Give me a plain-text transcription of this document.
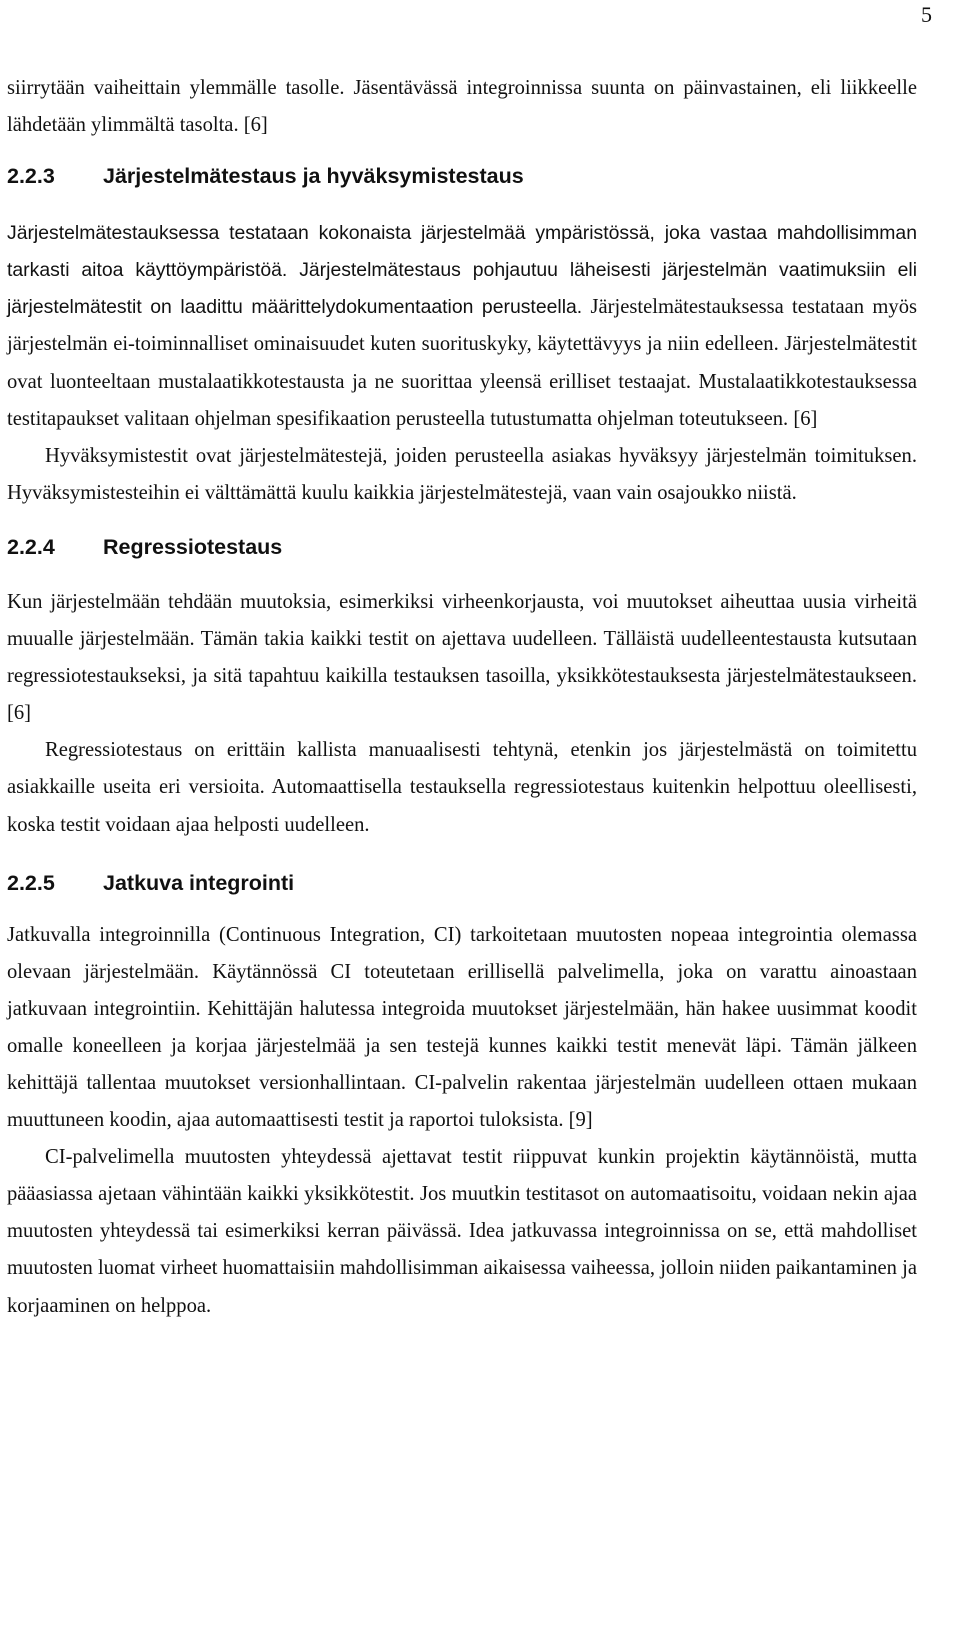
5

siirrytään vaiheittain ylemmälle tasolle. Jäsentävässä integroinnissa suunta on päinvastainen, eli liikkeelle lähdetään ylimmältä tasolta. [6]

2.2.3	Järjestelmätestaus ja hyväksymistestaus

Järjestelmätestauksessa testataan kokonaista järjestelmää ympäristössä, joka vastaa mahdollisimman tarkasti aitoa käyttöympäristöä. Järjestelmätestaus pohjautuu läheisesti järjestelmän vaatimuksiin eli järjestelmätestit on laadittu määrittelydokumentaation perusteella. Järjestelmätestauksessa testataan myös järjestelmän ei-toiminnalliset ominaisuudet kuten suorituskyky, käytettävyys ja niin edelleen. Järjestelmätestit ovat luonteeltaan mustalaatikkotestausta ja ne suorittaa yleensä erilliset testaajat. Mustalaatikkotestauksessa testitapaukset valitaan ohjelman spesifikaation perusteella tutustumatta ohjelman toteutukseen. [6]

Hyväksymistestit ovat järjestelmätestejä, joiden perusteella asiakas hyväksyy järjestelmän toimituksen. Hyväksymistesteihin ei välttämättä kuulu kaikkia järjestelmätestejä, vaan vain osajoukko niistä.

2.2.4	Regressiotestaus

Kun järjestelmään tehdään muutoksia, esimerkiksi virheenkorjausta, voi muutokset aiheuttaa uusia virheitä muualle järjestelmään. Tämän takia kaikki testit on ajettava uudelleen. Tälläistä uudelleentestausta kutsutaan regressiotestaukseksi, ja sitä tapahtuu kaikilla testauksen tasoilla, yksikkötestauksesta järjestelmätestaukseen. [6]

Regressiotestaus on erittäin kallista manuaalisesti tehtynä, etenkin jos järjestelmästä on toimitettu asiakkaille useita eri versioita. Automaattisella testauksella regressiotestaus kuitenkin helpottuu oleellisesti, koska testit voidaan ajaa helposti uudelleen.

2.2.5	Jatkuva integrointi

Jatkuvalla integroinnilla (Continuous Integration, CI) tarkoitetaan muutosten nopeaa integrointia olemassa olevaan järjestelmään. Käytännössä CI toteutetaan erillisellä palvelimella, joka on varattu ainoastaan jatkuvaan integrointiin. Kehittäjän halutessa integroida muutokset järjestelmään, hän hakee uusimmat koodit omalle koneelleen ja korjaa järjestelmää ja sen testejä kunnes kaikki testit menevät läpi. Tämän jälkeen kehittäjä tallentaa muutokset versionhallintaan. CI-palvelin rakentaa järjestelmän uudelleen ottaen mukaan muuttuneen koodin, ajaa automaattisesti testit ja raportoi tuloksista. [9]

CI-palvelimella muutosten yhteydessä ajettavat testit riippuvat kunkin projektin käytännöistä, mutta pääasiassa ajetaan vähintään kaikki yksikkötestit. Jos muutkin testitasot on automaatisoitu, voidaan nekin ajaa muutosten yhteydessä tai esimerkiksi kerran päivässä. Idea jatkuvassa integroinnissa on se, että mahdolliset muutosten luomat virheet huomattaisiin mahdollisimman aikaisessa vaiheessa, jolloin niiden paikantaminen ja korjaaminen on helppoa.
